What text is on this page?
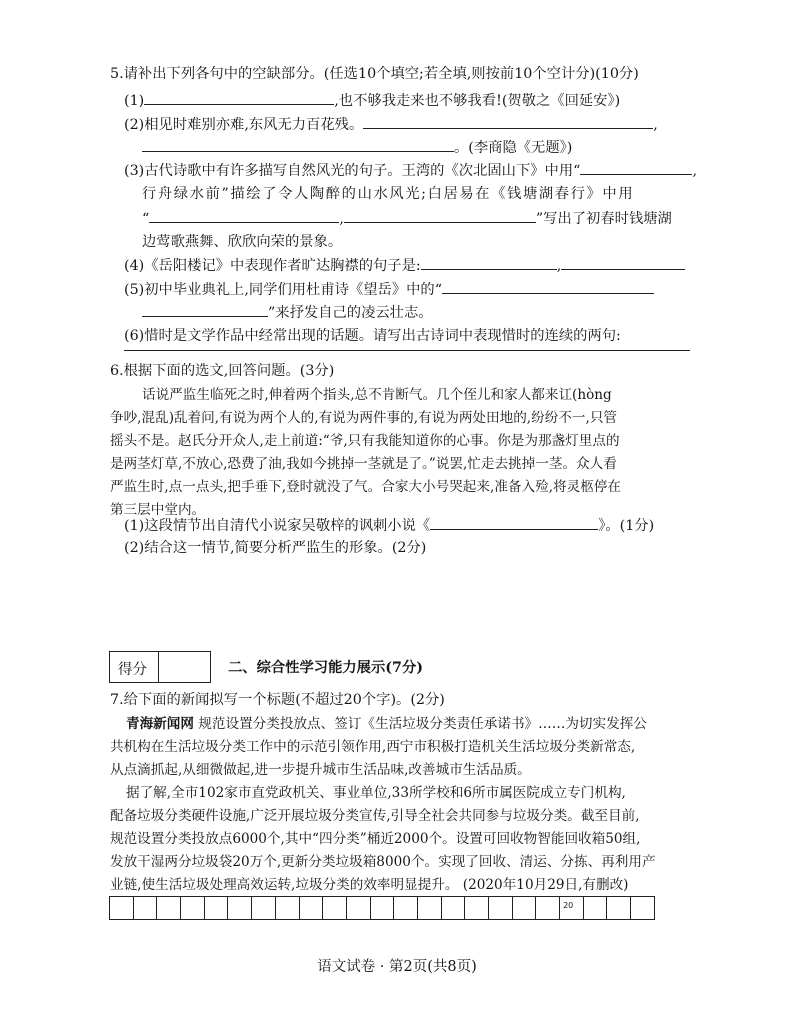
5.请补出下列各句中的空缺部分。(任选10个填空;若全填,则按前10个空计分)(10分)
(1)	,也不够我走来也不够我看!(贺敬之《回延安》)
(2)相见时难别亦难,东风无力百花残。	,
。(李商隐《无题》)
(3)古代诗歌中有许多描写自然风光的句子。王湾的《次北固山下》中用“	,
行舟绿水前”描绘了令人陶醉的山水风光;白居易在《钱塘湖春行》中用
“	,	”写出了初春时钱塘湖
边莺歌燕舞、欣欣向荣的景象。
(4)《岳阳楼记》中表现作者旷达胸襟的句子是:	,
(5)初中毕业典礼上,同学们用杜甫诗《望岳》中的“
”来抒发自己的凌云壮志。
(6)惜时是文学作品中经常出现的话题。请写出古诗词中表现惜时的连续的两句:
6.根据下面的选文,回答问题。(3分)
话说严监生临死之时,伸着两个指头,总不肯断气。几个侄儿和家人都来讧(hòng
争吵,混乱)乱着问,有说为两个人的,有说为两件事的,有说为两处田地的,纷纷不一,只管
摇头不是。赵氏分开众人,走上前道:“爷,只有我能知道你的心事。你是为那盏灯里点的
是两茎灯草,不放心,恐费了油,我如今挑掉一茎就是了。”说罢,忙走去挑掉一茎。众人看
严监生时,点一点头,把手垂下,登时就没了气。合家大小号哭起来,准备入殓,将灵柩停在
第三层中堂内。
(1)这段情节出自清代小说家吴敬梓的讽刺小说《	》。(1分)
(2)结合这一情节,简要分析严监生的形象。(2分)
得分	二、综合性学习能力展示(7分)
7.给下面的新闻拟写一个标题(不超过20个字)。(2分)
青海新闻网 规范设置分类投放点、签订《生活垃圾分类责任承诺书》……为切实发挥公
共机构在生活垃圾分类工作中的示范引领作用,西宁市积极打造机关生活垃圾分类新常态,
从点滴抓起,从细微做起,进一步提升城市生活品味,改善城市生活品质。
据了解,全市102家市直党政机关、事业单位,33所学校和6所市属医院成立专门机构,
配备垃圾分类硬件设施,广泛开展垃圾分类宣传,引导全社会共同参与垃圾分类。截至目前,
规范设置分类投放点6000个,其中“四分类”桶近2000个。设置可回收物智能回收箱50组,
发放干湿两分垃圾袋20万个,更新分类垃圾箱8000个。实现了回收、清运、分拣、再利用产
业链,使生活垃圾处理高效运转,垃圾分类的效率明显提升。 (2020年10月29日,有删改)
20
语文试卷 · 第2页(共8页)
